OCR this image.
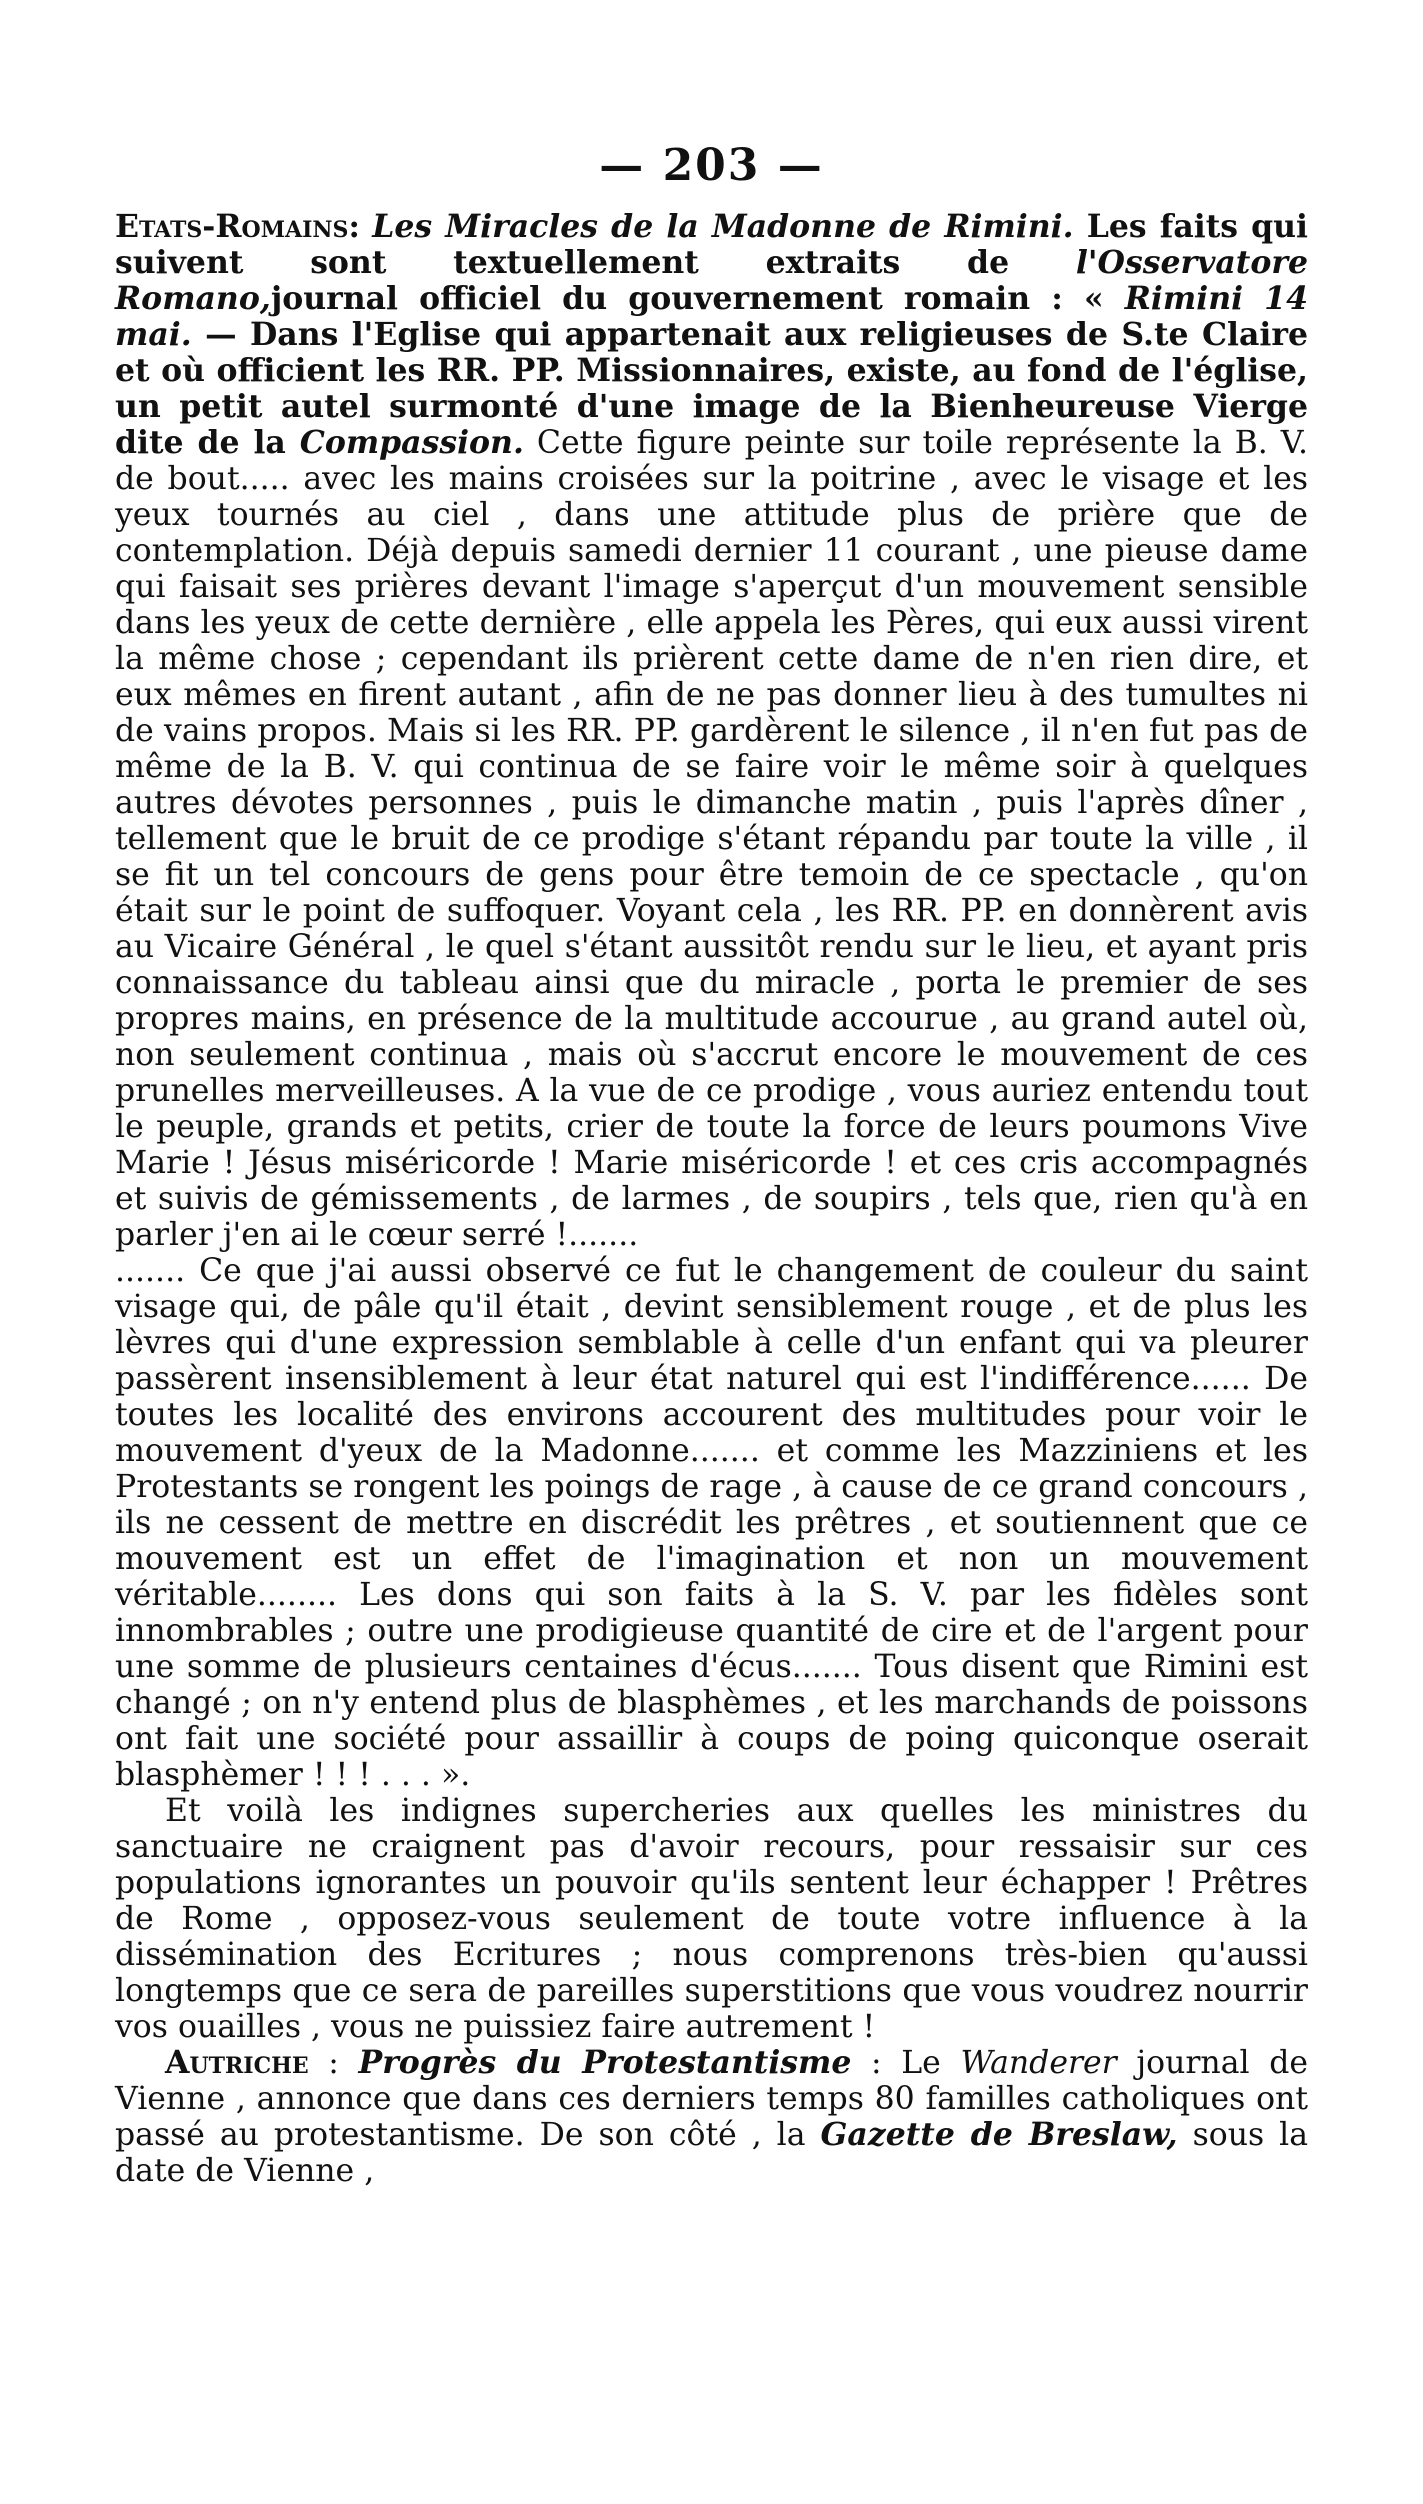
— 203 —

Etats-Romains: Les Miracles de la Madonne de Rimini. Les faits qui suivent sont textuellement extraits de l'Osservatore Romano,journal officiel du gouvernement romain : « Rimini 14 mai. — Dans l'Eglise qui appartenait aux religieuses de S.te Claire et où officient les RR. PP. Missionnaires, existe, au fond de l'église, un petit autel surmonté d'une image de la Bienheureuse Vierge dite de la Compassion. Cette figure peinte sur toile représente la B. V. de bout..... avec les mains croisées sur la poitrine , avec le visage et les yeux tournés au ciel , dans une attitude plus de prière que de contemplation. Déjà depuis samedi dernier 11 courant , une pieuse dame qui faisait ses prières devant l'image s'aperçut d'un mouvement sensible dans les yeux de cette dernière , elle appela les Pères, qui eux aussi virent la même chose ; cependant ils prièrent cette dame de n'en rien dire, et eux mêmes en firent autant , afin de ne pas donner lieu à des tumultes ni de vains propos. Mais si les RR. PP. gardèrent le silence , il n'en fut pas de même de la B. V. qui continua de se faire voir le même soir à quelques autres dévotes personnes , puis le dimanche matin , puis l'après dîner , tellement que le bruit de ce prodige s'étant répandu par toute la ville , il se fit un tel concours de gens pour être temoin de ce spectacle , qu'on était sur le point de suffoquer. Voyant cela , les RR. PP. en donnèrent avis au Vicaire Général , le quel s'étant aussitôt rendu sur le lieu, et ayant pris connaissance du tableau ainsi que du miracle , porta le premier de ses propres mains, en présence de la multitude accourue , au grand autel où, non seulement continua , mais où s'accrut encore le mouvement de ces prunelles merveilleuses. A la vue de ce prodige , vous auriez entendu tout le peuple, grands et petits, crier de toute la force de leurs poumons Vive Marie ! Jésus miséricorde ! Marie miséricorde ! et ces cris accompagnés et suivis de gémissements , de larmes , de soupirs , tels que, rien qu'à en parler j'en ai le cœur serré !.......

....... Ce que j'ai aussi observé ce fut le changement de couleur du saint visage qui, de pâle qu'il était , devint sensiblement rouge , et de plus les lèvres qui d'une expression semblable à celle d'un enfant qui va pleurer passèrent insensiblement à leur état naturel qui est l'indifférence...... De toutes les localité des environs accourent des multitudes pour voir le mouvement d'yeux de la Madonne....... et comme les Mazziniens et les Protestants se rongent les poings de rage , à cause de ce grand concours , ils ne cessent de mettre en discrédit les prêtres , et soutiennent que ce mouvement est un effet de l'imagination et non un mouvement véritable........ Les dons qui son faits à la S. V. par les fidèles sont innombrables ; outre une prodigieuse quantité de cire et de l'argent pour une somme de plusieurs centaines d'écus....... Tous disent que Rimini est changé ; on n'y entend plus de blasphèmes , et les marchands de poissons ont fait une société pour assaillir à coups de poing quiconque oserait blasphèmer ! ! ! . . . ».

Et voilà les indignes supercheries aux quelles les ministres du sanctuaire ne craignent pas d'avoir recours, pour ressaisir sur ces populations ignorantes un pouvoir qu'ils sentent leur échapper ! Prêtres de Rome , opposez-vous seulement de toute votre influence à la dissémination des Ecritures ; nous comprenons très-bien qu'aussi longtemps que ce sera de pareilles superstitions que vous voudrez nourrir vos ouailles , vous ne puissiez faire autrement !

Autriche : Progrès du Protestantisme : Le Wanderer journal de Vienne , annonce que dans ces derniers temps 80 familles catholiques ont passé au protestantisme. De son côté , la Gazette de Breslaw, sous la date de Vienne ,
